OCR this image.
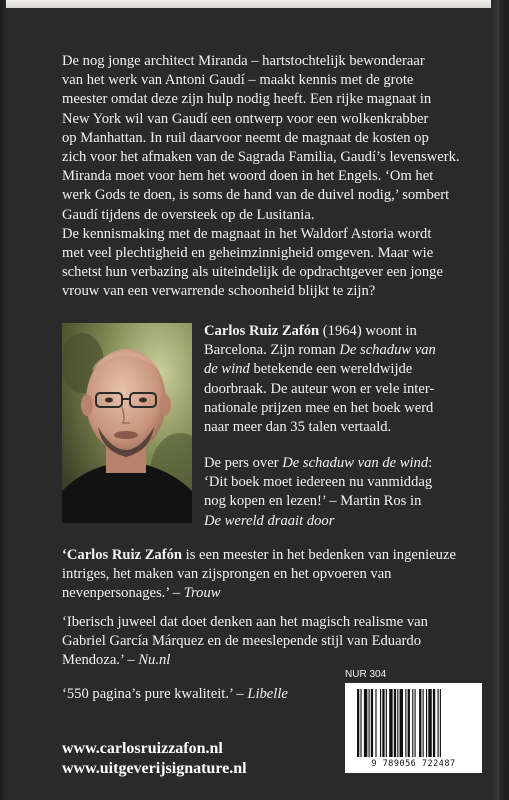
De nog jonge architect Miranda – hartstochtelijk bewonderaar

van het werk van Antoni Gaudí – maakt kennis met de grote

meester omdat deze zijn hulp nodig heeft. Een rijke magnaat in

New York wil van Gaudí een ontwerp voor een wolkenkrabber

op Manhattan. In ruil daarvoor neemt de magnaat de kosten op

zich voor het afmaken van de Sagrada Familia, Gaudí’s levenswerk.

Miranda moet voor hem het woord doen in het Engels. ‘Om het

werk Gods te doen, is soms de hand van de duivel nodig,’ sombert

Gaudí tijdens de oversteek op de Lusitania.

De kennismaking met de magnaat in het Waldorf Astoria wordt

met veel plechtigheid en geheimzinnigheid omgeven. Maar wie

schetst hun verbazing als uiteindelijk de opdrachtgever een jonge

vrouw van een verwarrende schoonheid blijkt te zijn?

Carlos Ruiz Zafón (1964) woont in
Barcelona. Zijn roman De schaduw van
de wind betekende een wereldwijde
doorbraak. De auteur won er vele inter-
nationale prijzen mee en het boek werd
naar meer dan 35 talen vertaald.
De pers over De schaduw van de wind:
‘Dit boek moet iedereen nu vanmiddag
nog kopen en lezen!’ – Martin Ros in
De wereld draait door
‘Carlos Ruiz Zafón is een meester in het bedenken van ingenieuze
intriges, het maken van zijsprongen en het opvoeren van
nevenpersonages.’ – Trouw
‘Iberisch juweel dat doet denken aan het magisch realisme van
Gabriel García Márquez en de meeslepende stijl van Eduardo
Mendoza.’ – Nu.nl
‘550 pagina’s pure kwaliteit.’ – Libelle
NUR 304
9 789056 722487
www.carlosruizzafon.nl
www.uitgeverijsignature.nl
